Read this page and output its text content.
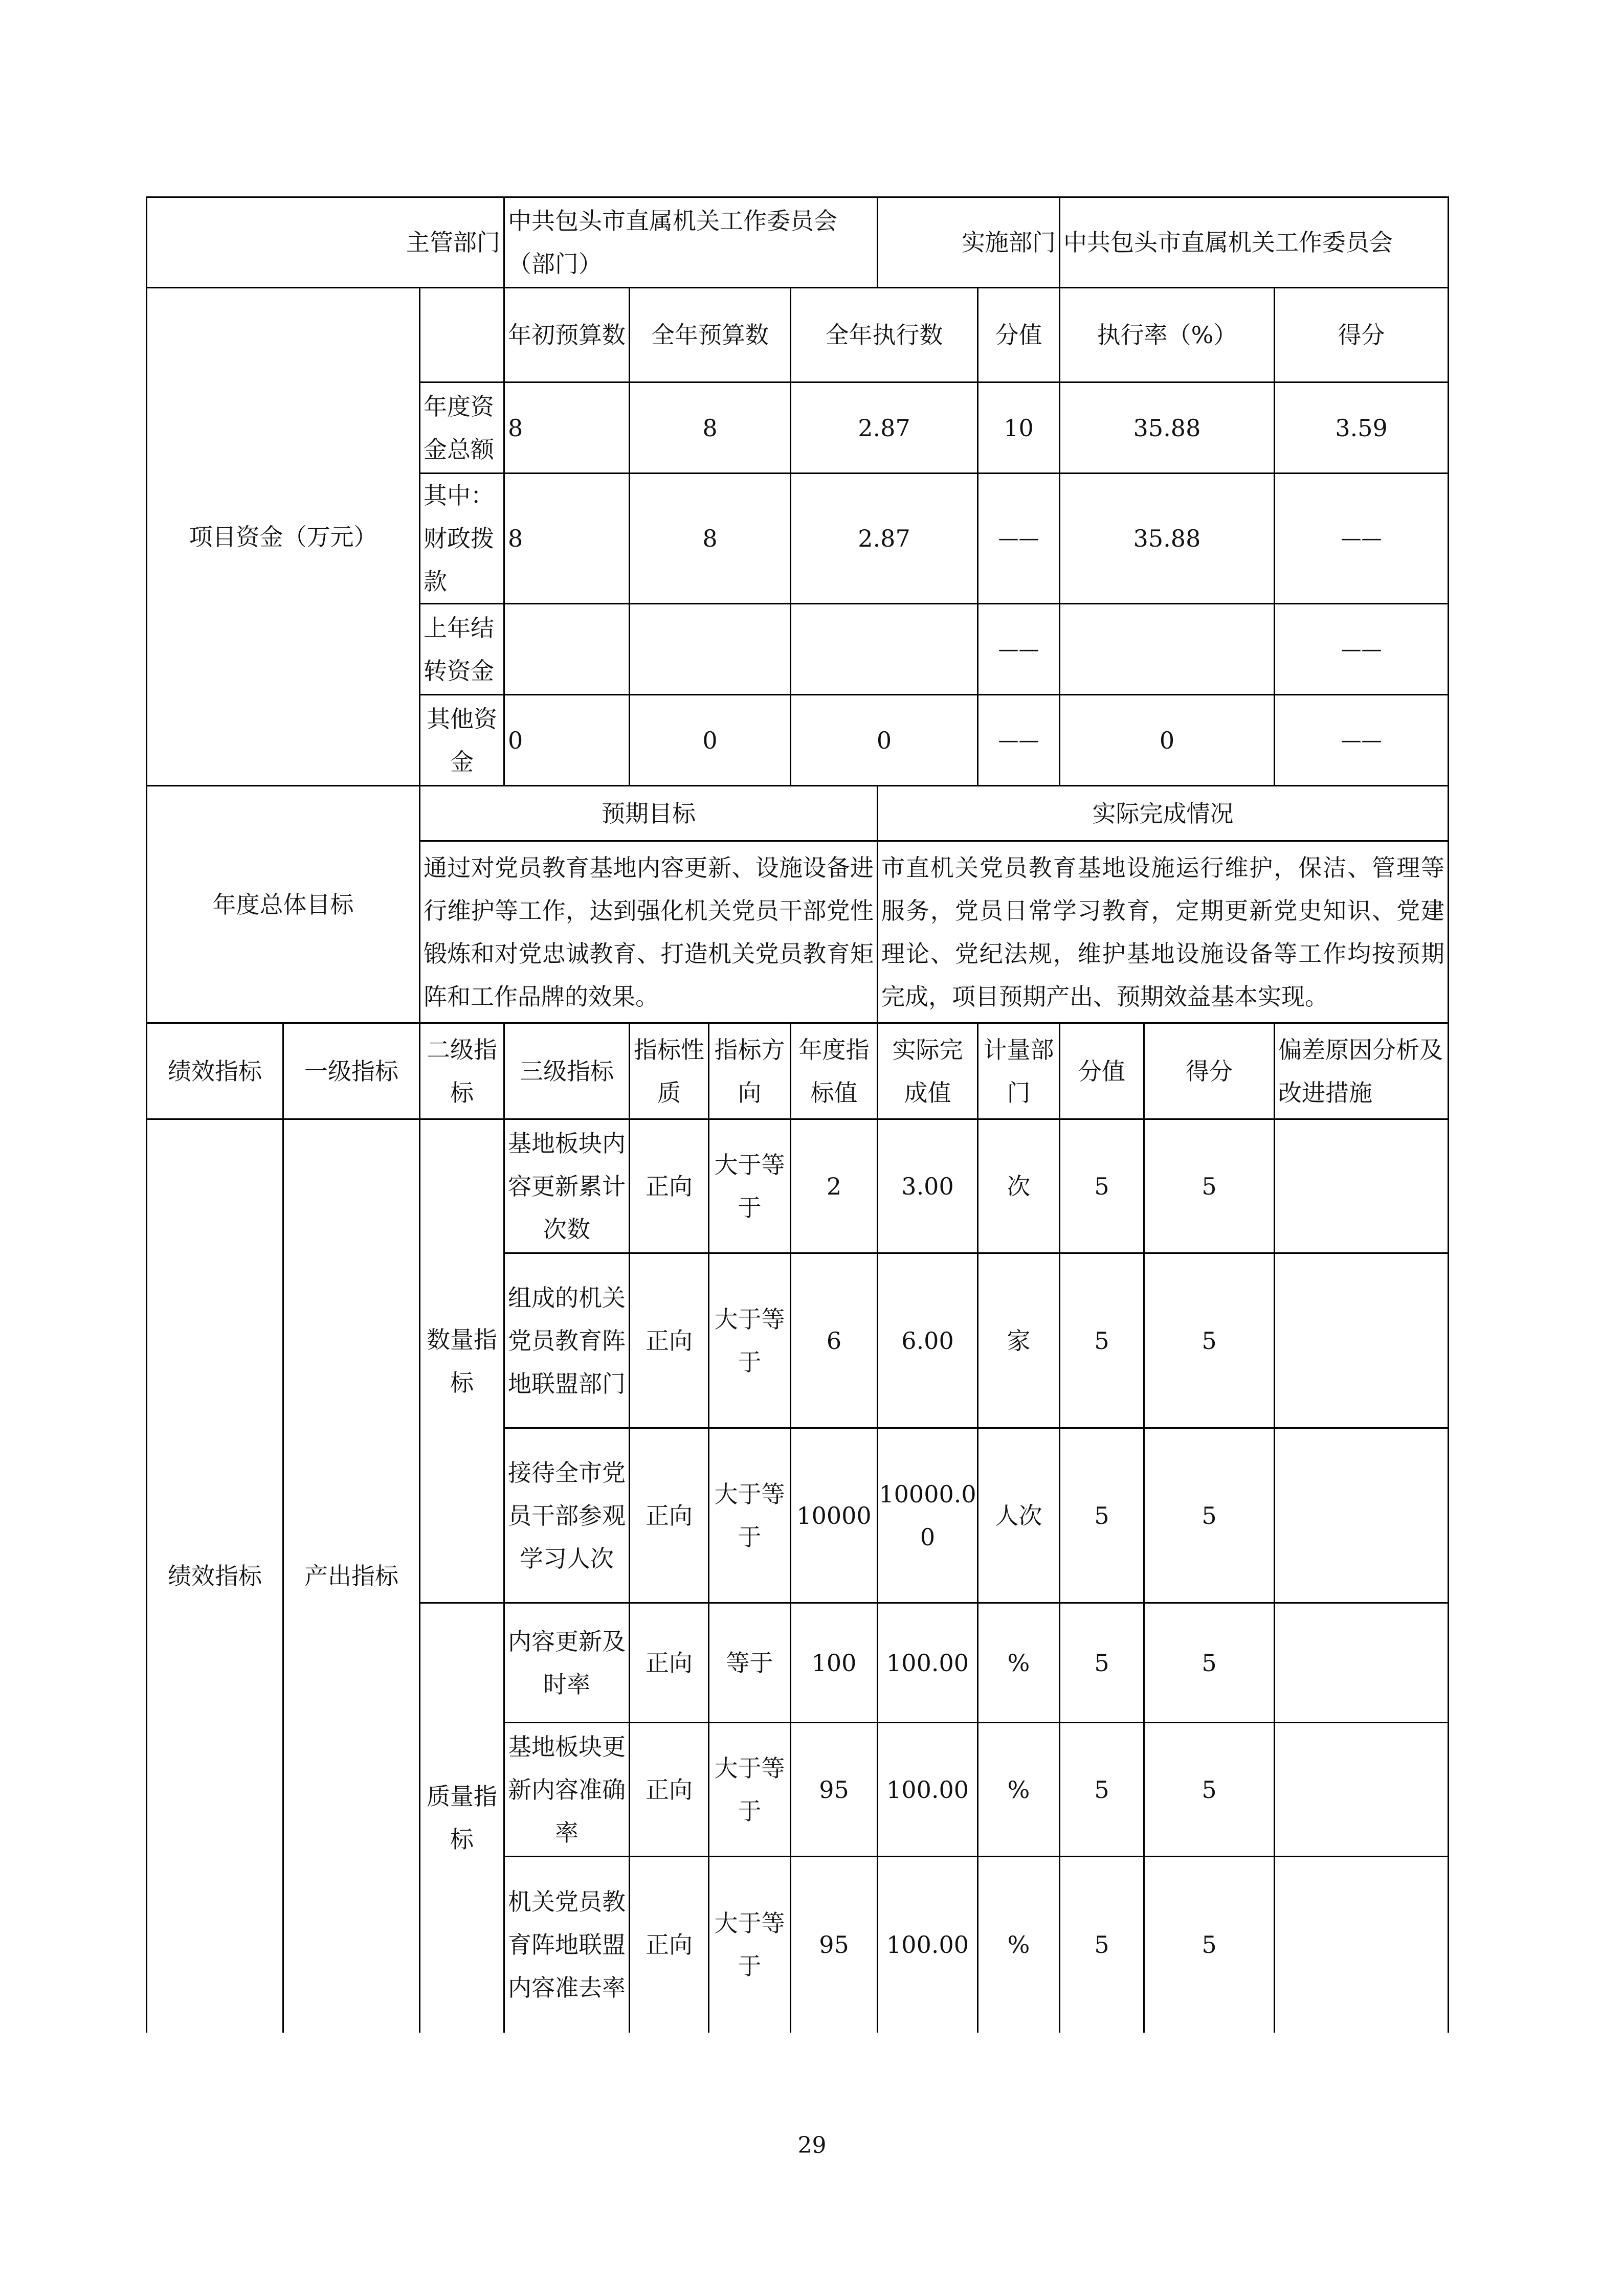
主管部门			中共包头市直属机关工作委员会（部门）				实施部门		中共包头市直属机关工作委员会		
项目资金（万元）			年初预算数	全年预算数		全年执行数		分值	执行率（%）		得分
		年度资金总额	8	8		2.87		10	35.88		3.59
		其中：财政拨款	8	8		2.87		——	35.88		——
		上年结转资金						——			——
		其他资金	0	0		0		——	0		——
年度总体目标		预期目标					实际完成情况				
		通过对党员教育基地内容更新、设施设备进行维护等工作，达到强化机关党员干部党性锻炼和对党忠诚教育、打造机关党员教育矩阵和工作品牌的效果。					市直机关党员教育基地设施运行维护，保洁、管理等服务，党员日常学习教育，定期更新党史知识、党建理论、党纪法规，维护基地设施设备等工作均按预期完成，项目预期产出、预期效益基本实现。				
绩效指标	一级指标	二级指标	三级指标	指标性质	指标方向	年度指标值	实际完成值	计量部门	分值	得分	偏差原因分析及改进措施
绩效指标	产出指标	数量指标	基地板块内容更新累计次数	正向	大于等于	2	3.00	次	5	5	
			组成的机关党员教育阵地联盟部门	正向	大于等于	6	6.00	家	5	5	
			接待全市党员干部参观学习人次	正向	大于等于	10000	10000.00	人次	5	5	
		质量指标	内容更新及时率	正向	等于	100	100.00	%	5	5	
			基地板块更新内容准确率	正向	大于等于	95	100.00	%	5	5	
			机关党员教育阵地联盟内容准去率	正向	大于等于	95	100.00	%	5	5	
29
